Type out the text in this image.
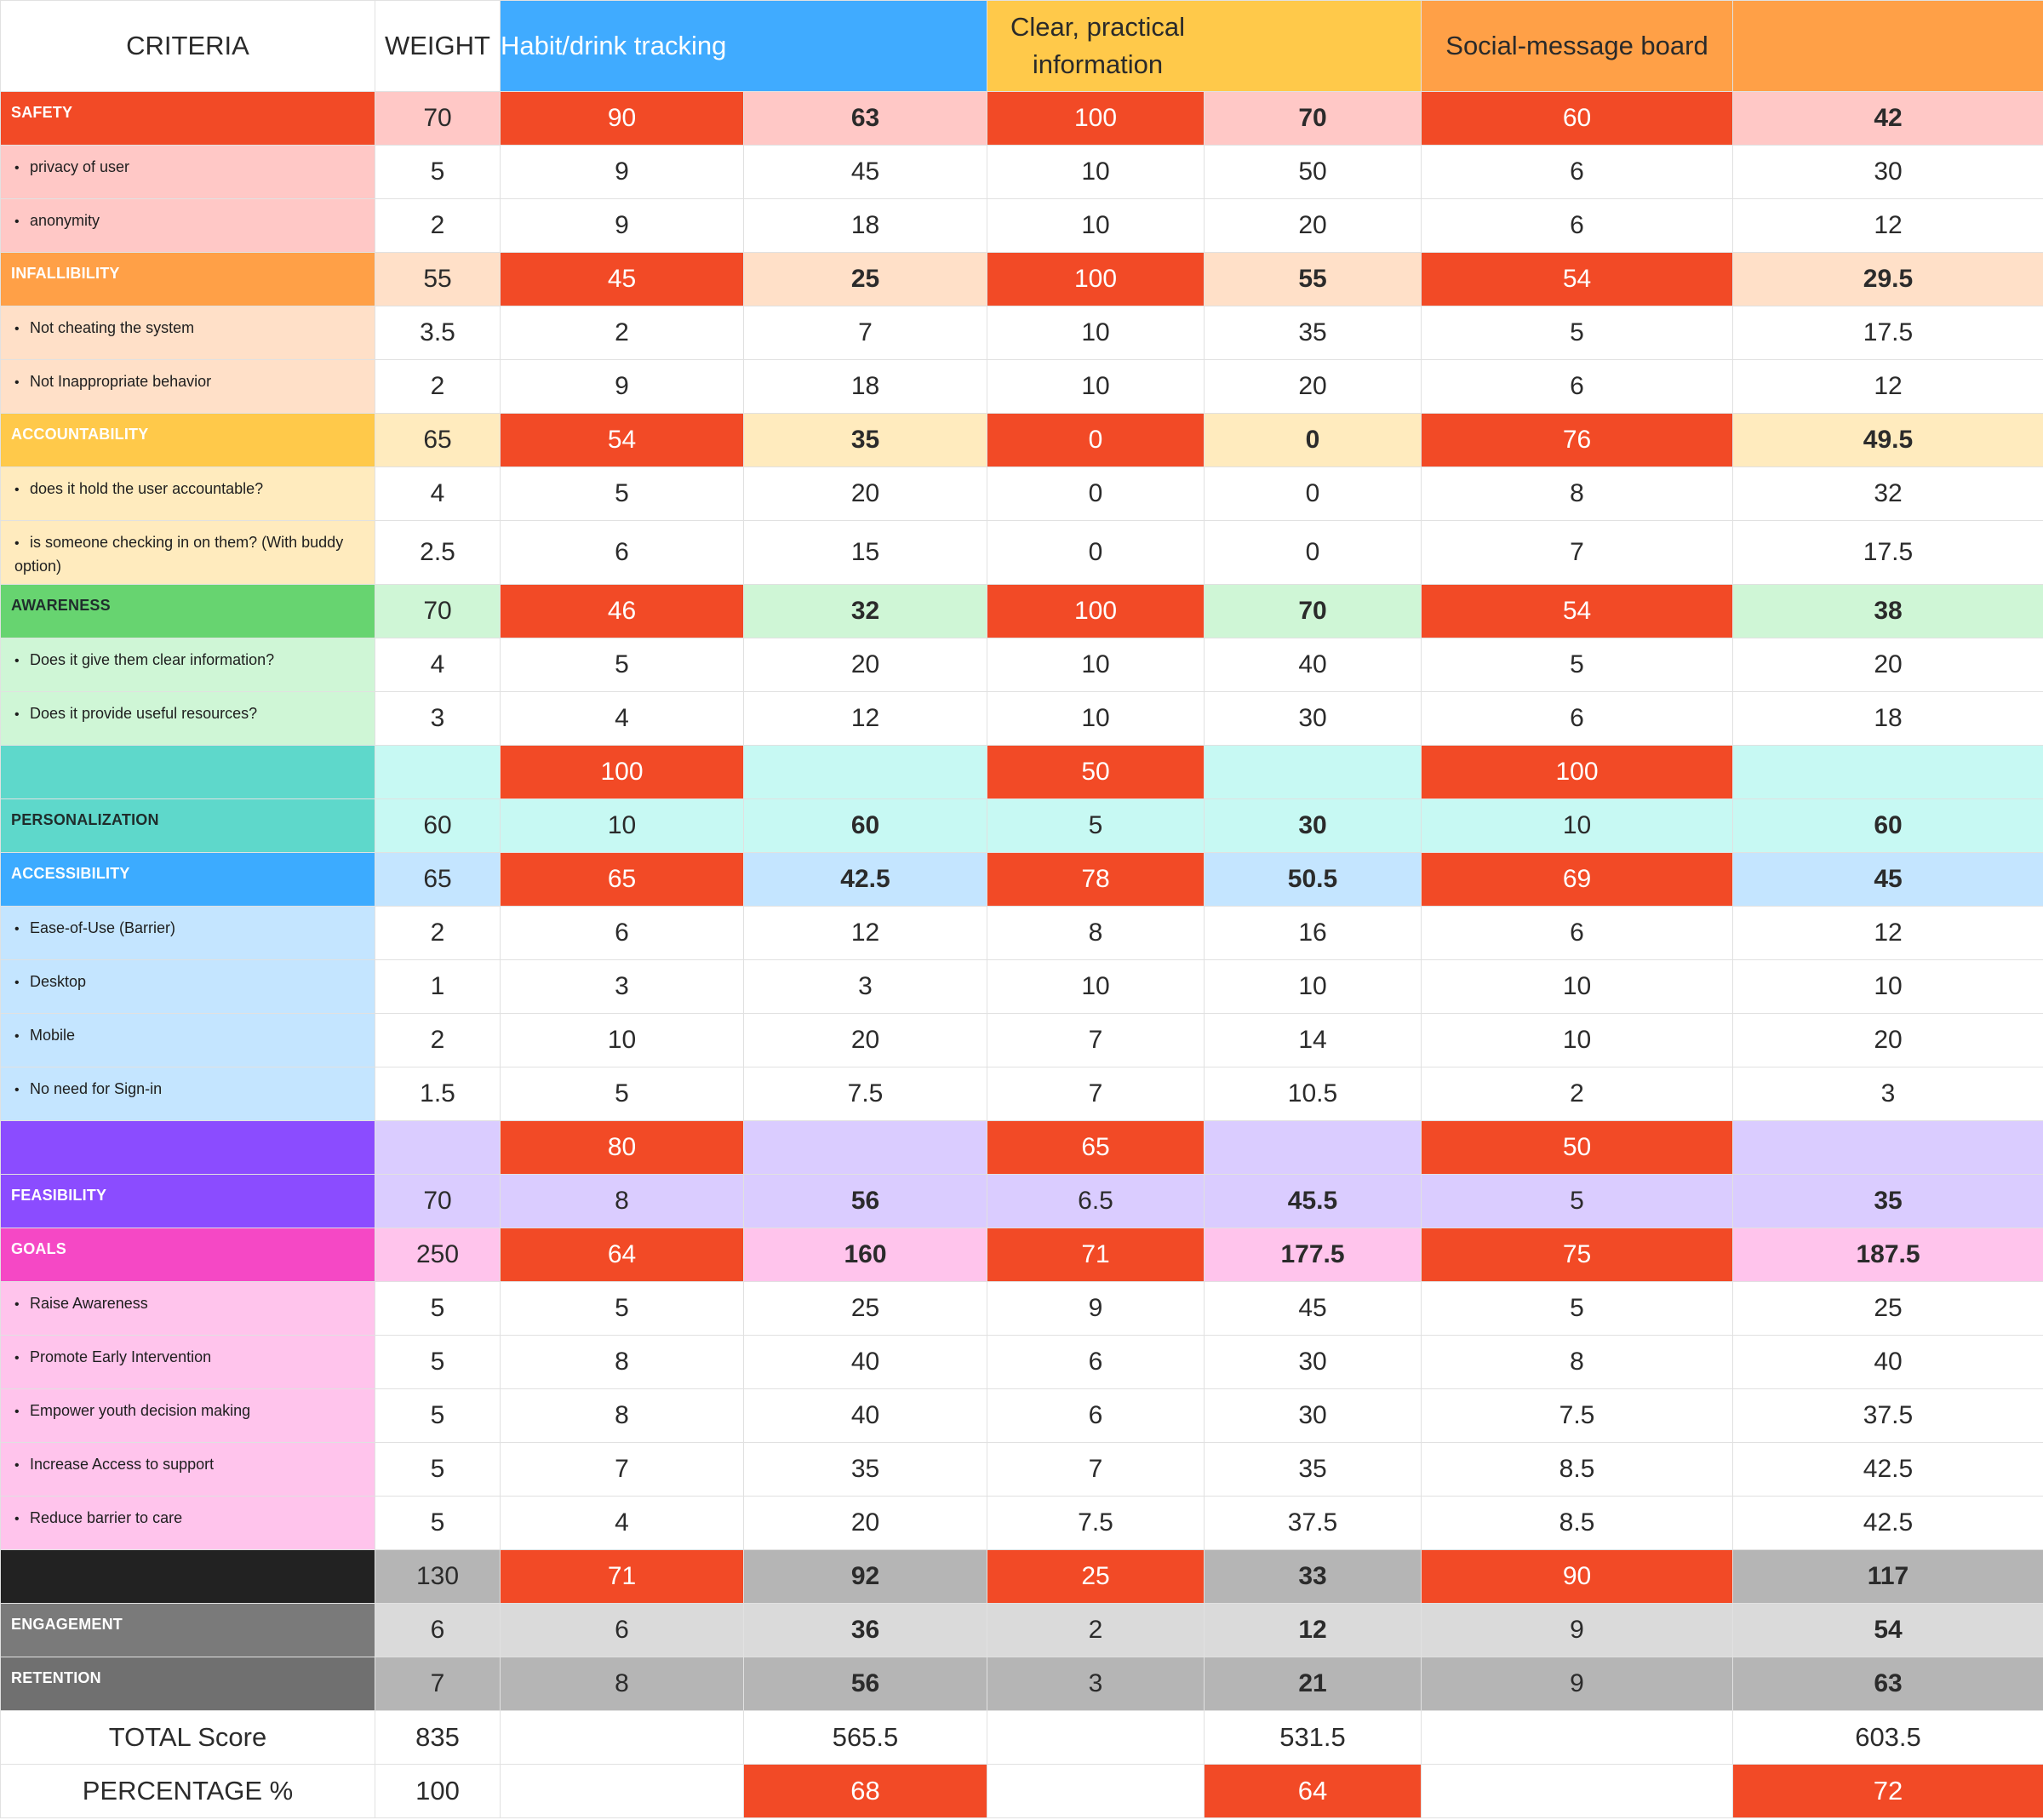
CRITERIA	WEIGHT	Habit/drink tracking		Clear, practical information		Social-message board	
SAFETY	70	90	63	100	70	60	42
• privacy of user	5	9	45	10	50	6	30
• anonymity	2	9	18	10	20	6	12
INFALLIBILITY	55	45	25	100	55	54	29.5
• Not cheating the system	3.5	2	7	10	35	5	17.5
• Not Inappropriate behavior	2	9	18	10	20	6	12
ACCOUNTABILITY	65	54	35	0	0	76	49.5
• does it hold the user accountable?	4	5	20	0	0	8	32
• is someone checking in on them? (With buddy option)	2.5	6	15	0	0	7	17.5
AWARENESS	70	46	32	100	70	54	38
• Does it give them clear information?	4	5	20	10	40	5	20
• Does it provide useful resources?	3	4	12	10	30	6	18
		100		50		100	
PERSONALIZATION	60	10	60	5	30	10	60
ACCESSIBILITY	65	65	42.5	78	50.5	69	45
• Ease-of-Use (Barrier)	2	6	12	8	16	6	12
• Desktop	1	3	3	10	10	10	10
• Mobile	2	10	20	7	14	10	20
• No need for Sign-in	1.5	5	7.5	7	10.5	2	3
		80		65		50	
FEASIBILITY	70	8	56	6.5	45.5	5	35
GOALS	250	64	160	71	177.5	75	187.5
• Raise Awareness	5	5	25	9	45	5	25
• Promote Early Intervention	5	8	40	6	30	8	40
• Empower youth decision making	5	8	40	6	30	7.5	37.5
• Increase Access to support	5	7	35	7	35	8.5	42.5
• Reduce barrier to care	5	4	20	7.5	37.5	8.5	42.5
	130	71	92	25	33	90	117
ENGAGEMENT	6	6	36	2	12	9	54
RETENTION	7	8	56	3	21	9	63
TOTAL Score	835		565.5		531.5		603.5
PERCENTAGE %	100		68		64		72
